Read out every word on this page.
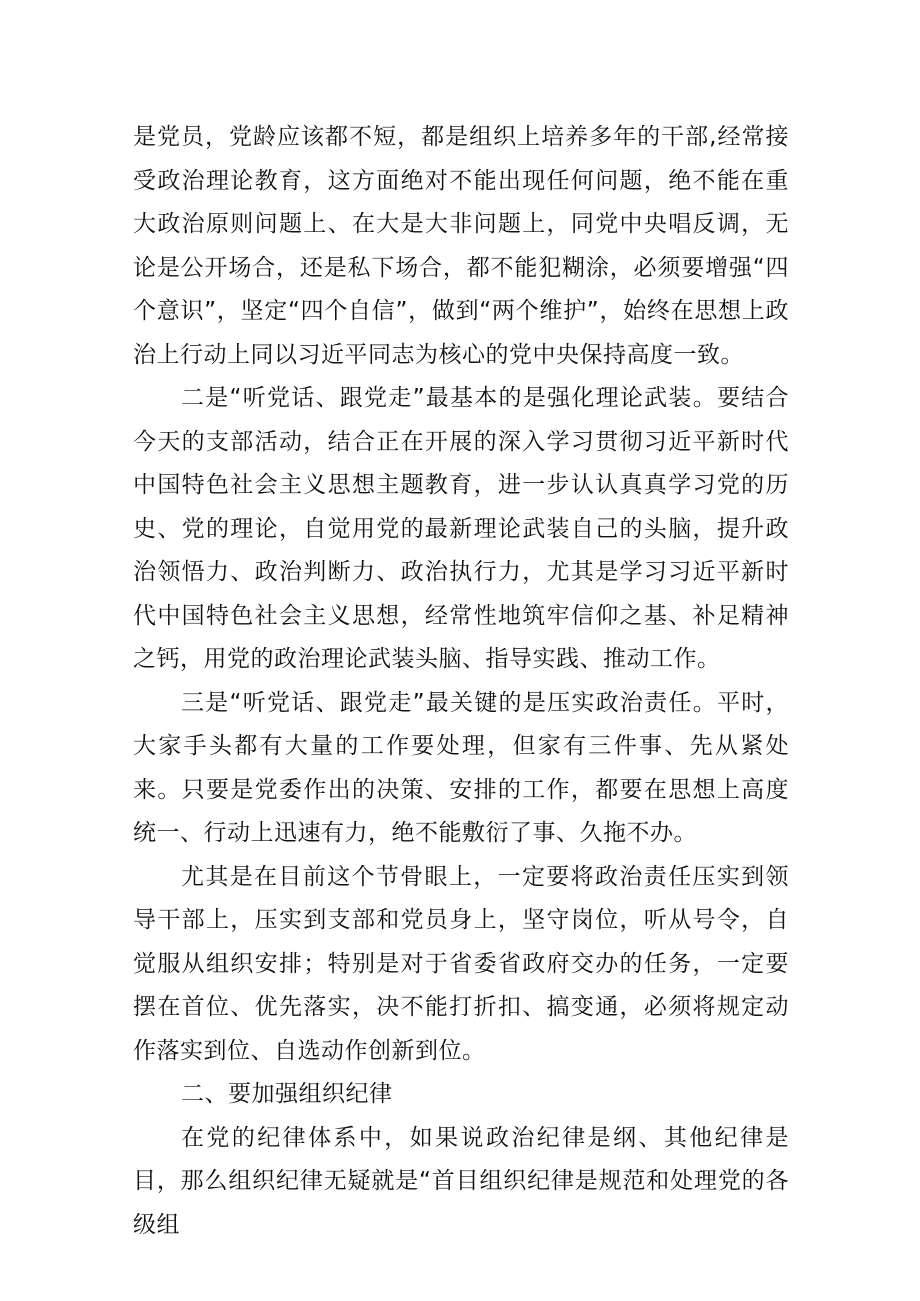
是党员，党龄应该都不短，都是组织上培养多年的干部,经常接受政治理论教育，这方面绝对不能出现任何问题，绝不能在重大政治原则问题上、在大是大非问题上，同党中央唱反调，无论是公开场合，还是私下场合，都不能犯糊涂，必须要增强“四个意识”，坚定“四个自信”，做到“两个维护”，始终在思想上政治上行动上同以习近平同志为核心的党中央保持高度一致。

二是“听党话、跟党走”最基本的是强化理论武装。要结合今天的支部活动，结合正在开展的深入学习贯彻习近平新时代中国特色社会主义思想主题教育，进一步认认真真学习党的历史、党的理论，自觉用党的最新理论武装自己的头脑，提升政治领悟力、政治判断力、政治执行力，尤其是学习习近平新时代中国特色社会主义思想，经常性地筑牢信仰之基、补足精神之钙，用党的政治理论武装头脑、指导实践、推动工作。

三是“听党话、跟党走”最关键的是压实政治责任。平时，大家手头都有大量的工作要处理，但家有三件事、先从紧处来。只要是党委作出的决策、安排的工作，都要在思想上高度统一、行动上迅速有力，绝不能敷衍了事、久拖不办。

尤其是在目前这个节骨眼上，一定要将政治责任压实到领导干部上，压实到支部和党员身上，坚守岗位，听从号令，自觉服从组织安排；特别是对于省委省政府交办的任务，一定要摆在首位、优先落实，决不能打折扣、搞变通，必须将规定动作落实到位、自选动作创新到位。

二、要加强组织纪律

在党的纪律体系中，如果说政治纪律是纲、其他纪律是目，那么组织纪律无疑就是“首目组织纪律是规范和处理党的各级组
